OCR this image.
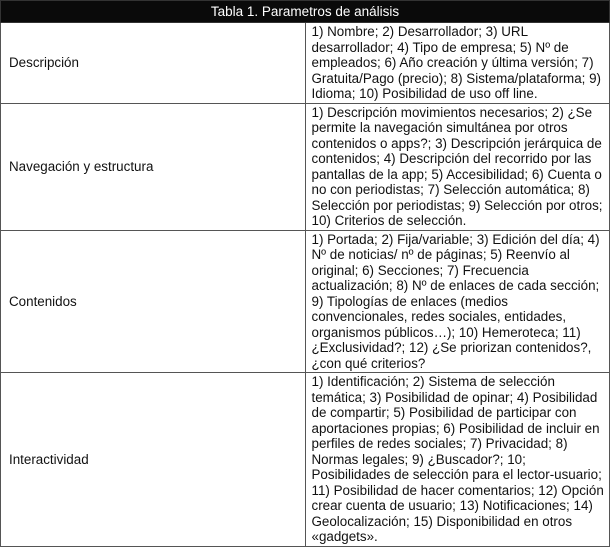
Tabla 1. Parametros de análisis	
Descripción	1) Nombre; 2) Desarrollador; 3) URL desarrollador; 4) Tipo de empresa; 5) Nº de empleados; 6) Año creación y última versión; 7) Gratuita/Pago (precio); 8) Sistema/plataforma; 9) Idioma; 10) Posibilidad de uso off line.
Navegación y estructura	1) Descripción movimientos necesarios; 2) ¿Se permite la navegación simultánea por otros contenidos o apps?; 3) Descripción jerárquica de contenidos; 4) Descripción del recorrido por las pantallas de la app; 5) Accesibilidad; 6) Cuenta o no con periodistas; 7) Selección automática; 8) Selección por periodistas; 9) Selección por otros; 10) Criterios de selección.
Contenidos	1) Portada; 2) Fija/variable; 3) Edición del día; 4) Nº de noticias/ nº de páginas; 5) Reenvío al original; 6) Secciones; 7) Frecuencia actualización; 8) Nº de enlaces de cada sección; 9) Tipologías de enlaces (medios convencionales, redes sociales, entidades, organismos públicos…); 10) Hemeroteca; 11) ¿Exclusividad?; 12) ¿Se priorizan contenidos?, ¿con qué criterios?
Interactividad	1) Identificación; 2) Sistema de selección temática; 3) Posibilidad de opinar; 4) Posibilidad de compartir; 5) Posibilidad de participar con aportaciones propias; 6) Posibilidad de incluir en perfiles de redes sociales; 7) Privacidad; 8) Normas legales; 9) ¿Buscador?; 10; Posibilidades de selección para el lector-usuario; 11) Posibilidad de hacer comentarios; 12) Opción crear cuenta de usuario; 13) Notificaciones; 14) Geolocalización; 15) Disponibilidad en otros «gadgets».
